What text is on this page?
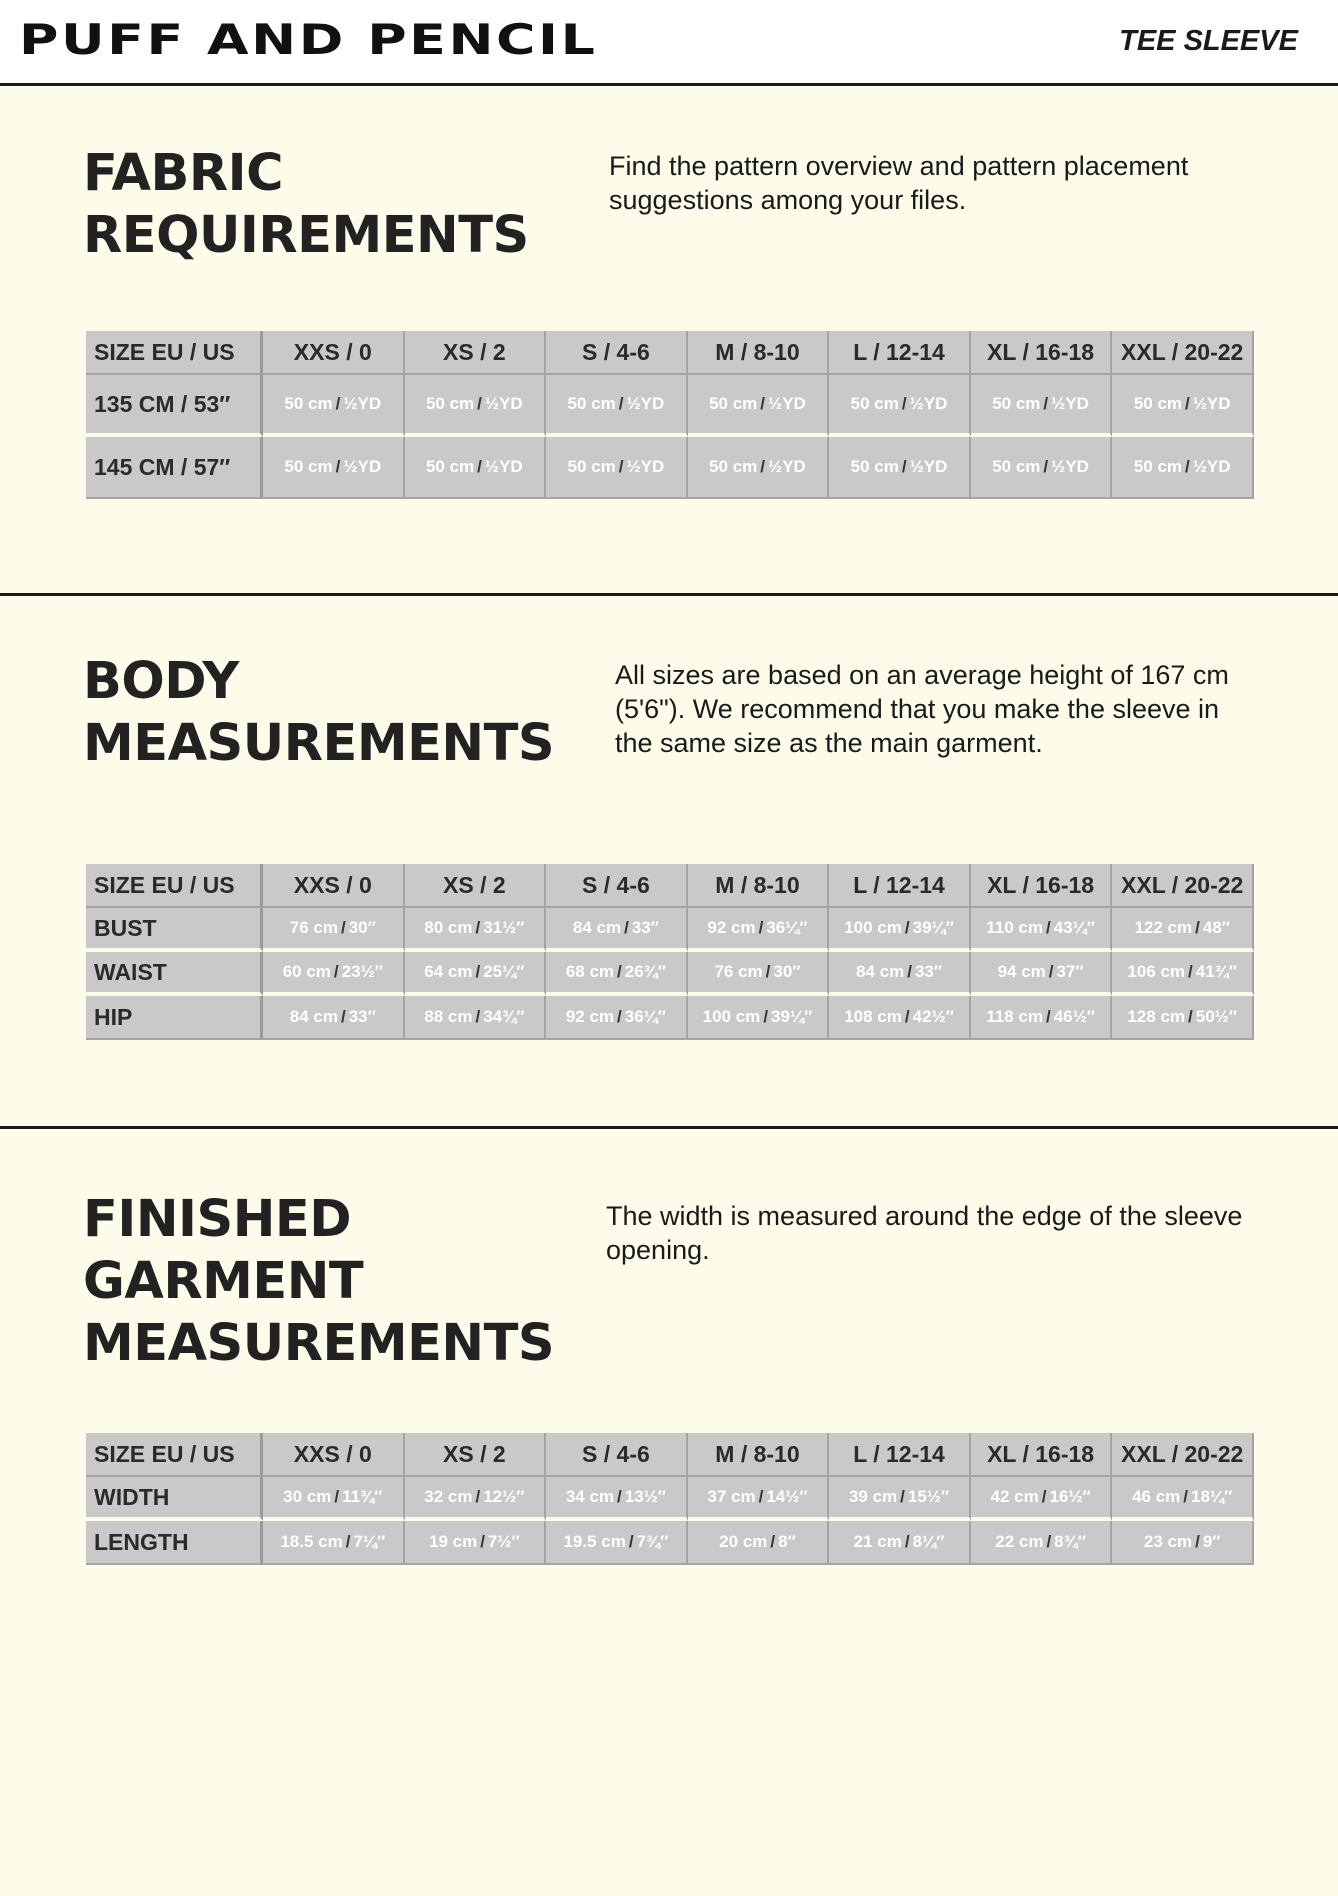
PUFF AND PENCIL	TEE SLEEVE
FABRIC
REQUIREMENTS

Find the pattern overview and pattern placement suggestions among your files.

SIZE EU / US	XXS / 0	XS / 2	S / 4-6	M / 8-10	L / 12-14	XL / 16-18	XXL / 20-22
135 CM / 53″	50 cm / ½YD	50 cm / ½YD	50 cm / ½YD	50 cm / ½YD	50 cm / ½YD	50 cm / ½YD	50 cm / ½YD
145 CM / 57″	50 cm / ½YD	50 cm / ½YD	50 cm / ½YD	50 cm / ½YD	50 cm / ½YD	50 cm / ½YD	50 cm / ½YD
BODY
MEASUREMENTS

All sizes are based on an average height of 167 cm (5'6"). We recommend that you make the sleeve in the same size as the main garment.

SIZE EU / US	XXS / 0	XS / 2	S / 4-6	M / 8-10	L / 12-14	XL / 16-18	XXL / 20-22
BUST	76 cm / 30″	80 cm / 31½″	84 cm / 33″	92 cm / 36¼″	100 cm / 39¼″	110 cm / 43¼″	122 cm / 48″
WAIST	60 cm / 23½″	64 cm / 25¼″	68 cm / 26¾″	76 cm / 30″	84 cm / 33″	94 cm / 37″	106 cm / 41¾″
HIP	84 cm / 33″	88 cm / 34¾″	92 cm / 36¼″	100 cm / 39¼″	108 cm / 42½″	118 cm / 46½″	128 cm / 50½″
FINISHED
GARMENT
MEASUREMENTS

The width is measured around the edge of the sleeve opening.

SIZE EU / US	XXS / 0	XS / 2	S / 4-6	M / 8-10	L / 12-14	XL / 16-18	XXL / 20-22
WIDTH	30 cm / 11¾″	32 cm / 12½″	34 cm / 13½″	37 cm / 14½″	39 cm / 15½″	42 cm / 16½″	46 cm / 18¼″
LENGTH	18.5 cm / 7¼″	19 cm / 7½″	19.5 cm / 7¾″	20 cm / 8″	21 cm / 8¼″	22 cm / 8¾″	23 cm / 9″
